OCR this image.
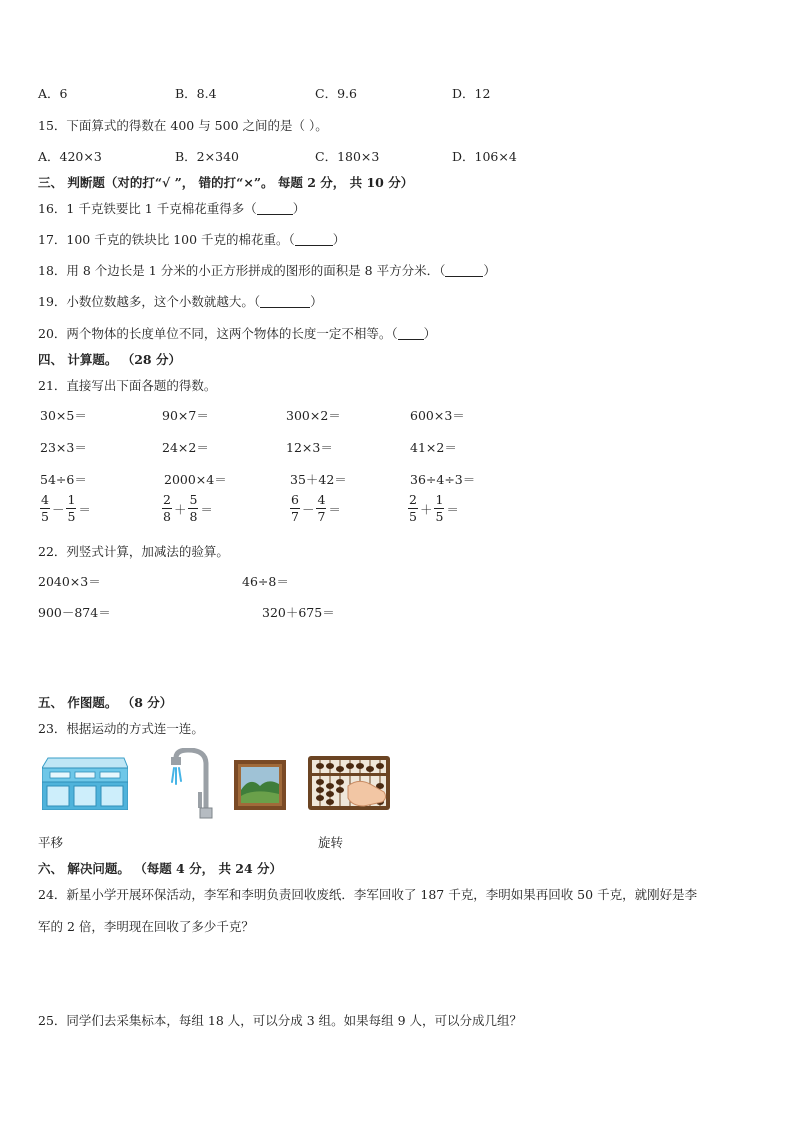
A．6	B．8.4	C．9.6	D．12
15．下面算式的得数在 400 与 500 之间的是（ ）。
A．420×3	B．2×340	C．180×3	D．106×4
三、 判断题（对的打“√ ”， 错的打“×”。 每题 2 分， 共 10 分）
16．1 千克铁要比 1 千克棉花重得多（	）
17．100 千克的铁块比 100 千克的棉花重。（	）
18．用 8 个边长是 1 分米的小正方形拼成的图形的面积是 8 平方分米．（	）
19．小数位数越多，这个小数就越大。（	）
20．两个物体的长度单位不同，这两个物体的长度一定不相等。（ ）
四、 计算题。 （28 分）
21．直接写出下面各题的得数。
30×5＝	90×7＝	300×2＝	600×3＝
23×3＝	24×2＝	12×3＝	41×2＝
54÷6＝	2000×4＝	35＋42＝	36÷4÷3＝
$\frac{4}{5} - \frac{1}{5}$ ＝	$\frac{2}{8} + \frac{5}{8}$ ＝	$\frac{6}{7} - \frac{4}{7}$ ＝	$\frac{2}{5} + \frac{1}{5}$ ＝
22．列竖式计算，加减法的验算。
2040×3＝	46÷8＝
900－874＝	320＋675＝
五、 作图题。 （8 分）
23．根据运动的方式连一连。
平移	旋转
六、 解决问题。 （每题 4 分， 共 24 分）
24．新星小学开展环保活动，李军和李明负责回收废纸．李军回收了 187 千克，李明如果再回收 50 千克，就刚好是李
军的 2 倍，李明现在回收了多少千克？
25．同学们去采集标本，每组 18 人，可以分成 3 组。如果每组 9 人，可以分成几组？
